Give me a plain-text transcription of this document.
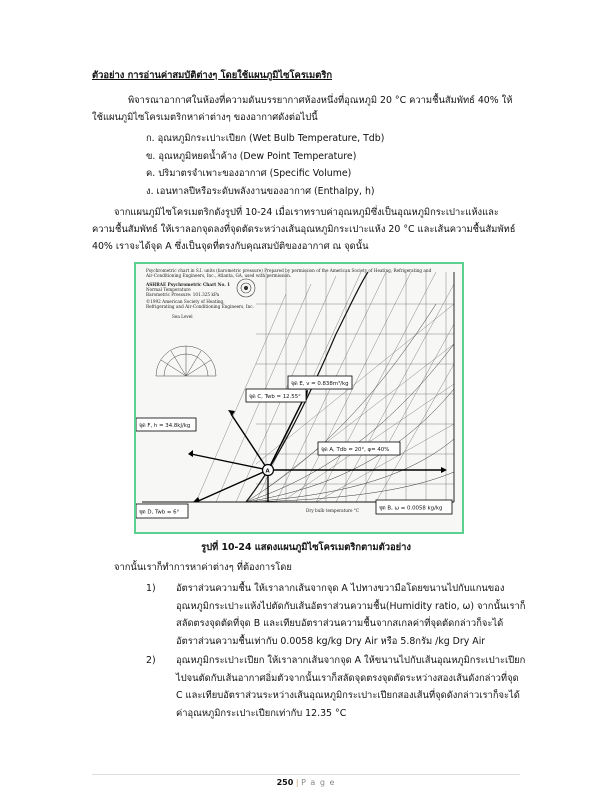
ตัวอย่าง การอ่านค่าสมบัติต่างๆ โดยใช้แผนภูมิไซโครเมตริก

พิจารณาอากาศในห้องที่ความดันบรรยากาศห้องหนึ่งที่อุณหภูมิ 20 °C ความชื้นสัมพัทธ์ 40% ให้ใช้แผนภูมิไซโครเมตริกหาค่าต่างๆ ของอากาศดังต่อไปนี้

ก. อุณหภูมิกระเปาะเปียก (Wet Bulb Temperature, Tdb)
ข. อุณหภูมิหยดน้ำค้าง (Dew Point Temperature)
ค. ปริมาตรจำเพาะของอากาศ (Specific Volume)
ง. เอนทาลปีหรือระดับพลังงานของอากาศ (Enthalpy, h)

จากแผนภูมิไซโครเมตริกดังรูปที่ 10-24 เมื่อเราทราบค่าอุณหภูมิซึ่งเป็นอุณหภูมิกระเปาะแห้งและความชื้นสัมพัทธ์ ให้เราลอกจุดลงที่จุดตัดระหว่างเส้นอุณหภูมิกระเปาะแห้ง 20 °C และเส้นความชื้นสัมพัทธ์ 40% เราจะได้จุด A ซึ่งเป็นจุดที่ตรงกับคุณสมบัติของอากาศ ณ จุดนั้น

Psychrometric chart in S.I. units (barometric pressure) Prepared by permission of the American Society of Heating, Refrigerating and
Air-Conditioning Engineers, Inc., Atlanta, GA, used with permission.
ASHRAE Psychrometric Chart No. 1
Normal Temperature
Barometric Pressure: 101.325 kPa
©1992 American Society of Heating,
Refrigerating and Air-Conditioning Engineers, Inc.
Sea Level
Dry bulb temperature °C
A
จุด C, Twb = 12.55°
จุด E, v = 0.838m³/kg
จุด F, h = 34.8kJ/kg
จุด A, Tdb = 20°, φ= 40%
จุด D, Twb = 6°
จุด B, ω = 0.0058 kg/kg

รูปที่ 10-24 แสดงแผนภูมิไซโครเมตริกตามตัวอย่าง

จากนั้นเราก็ทำการหาค่าต่างๆ ที่ต้องการโดย

1) อัตราส่วนความชื้น ให้เราลากเส้นจากจุด A ไปทางขวามือโดยขนานไปกับแกนของอุณหภูมิกระเปาะแห้งไปตัดกับเส้นอัตราส่วนความชื้น(Humidity ratio, ω) จากนั้นเราก็สลัดตรงจุดตัดที่จุด B และเทียบอัตราส่วนความชื้นจากสเกลค่าที่จุดตัดกล่าวก็จะได้อัตราส่วนความชื้นเท่ากับ 0.0058 kg/kg Dry Air หรือ 5.8กรัม /kg Dry Air
2) อุณหภูมิกระเปาะเปียก ให้เราลากเส้นจากจุด A ให้ขนานไปกับเส้นอุณหภูมิกระเปาะเปียกไปจนตัดกับเส้นอากาศอิ่มตัวจากนั้นเราก็สลัดจุดตรงจุดตัดระหว่างสองเส้นดังกล่าวที่จุด C และเทียบอัตราส่วนระหว่างเส้นอุณหภูมิกระเปาะเปียกสองเส้นที่จุดดังกล่าวเราก็จะได้ค่าอุณหภูมิกระเปาะเปียกเท่ากับ 12.35 °C
250 | P a g e
